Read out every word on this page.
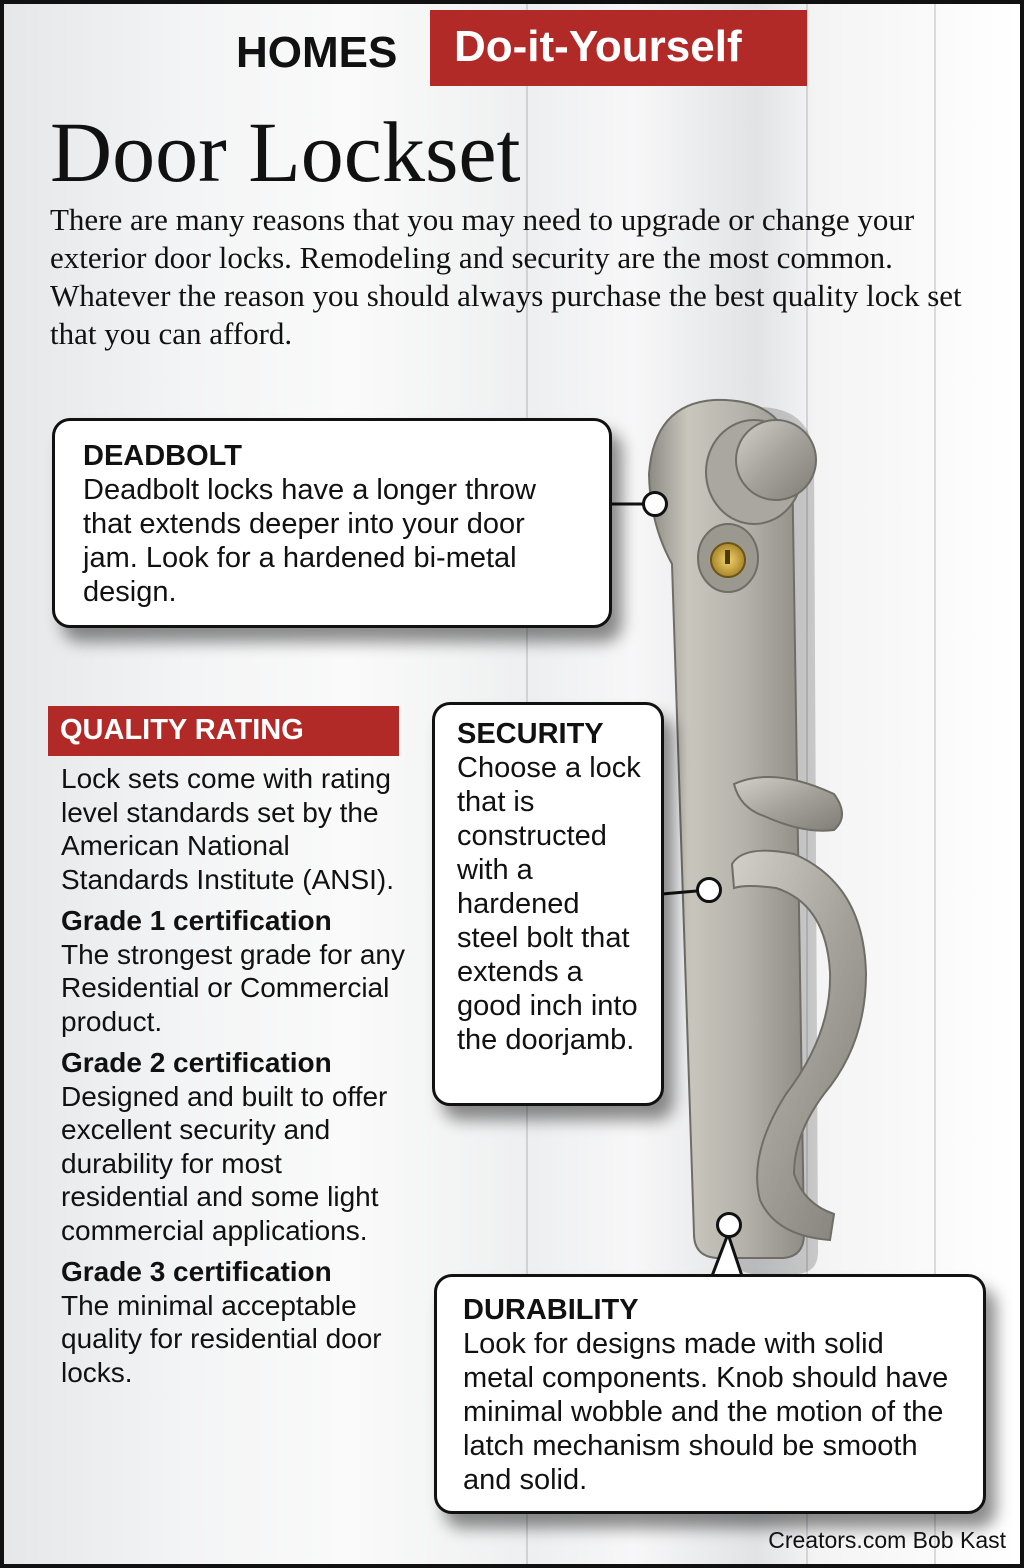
HOMES Do-it-Yourself
Door Lockset
There are many reasons that you may need to upgrade or change your exterior door locks. Remodeling and security are the most common. Whatever the reason you should always purchase the best quality lock set that you can afford.
DEADBOLT

Deadbolt locks have a longer throw that extends deeper into your door jam. Look for a hardened bi-metal design.

SECURITY

Choose a lock that is constructed with a hardened steel bolt that extends a good inch into the doorjamb.

DURABILITY

Look for designs made with solid metal components. Knob should have minimal wobble and the motion of the latch mechanism should be smooth and solid.

QUALITY RATING

Lock sets come with rating level standards set by the American National Standards Institute (ANSI).

Grade 1 certification
The strongest grade for any Residential or Commercial product.

Grade 2 certification
Designed and built to offer excellent security and durability for most residential and some light commercial applications.

Grade 3 certification
The minimal acceptable quality for residential door locks.

Creators.com Bob Kast
